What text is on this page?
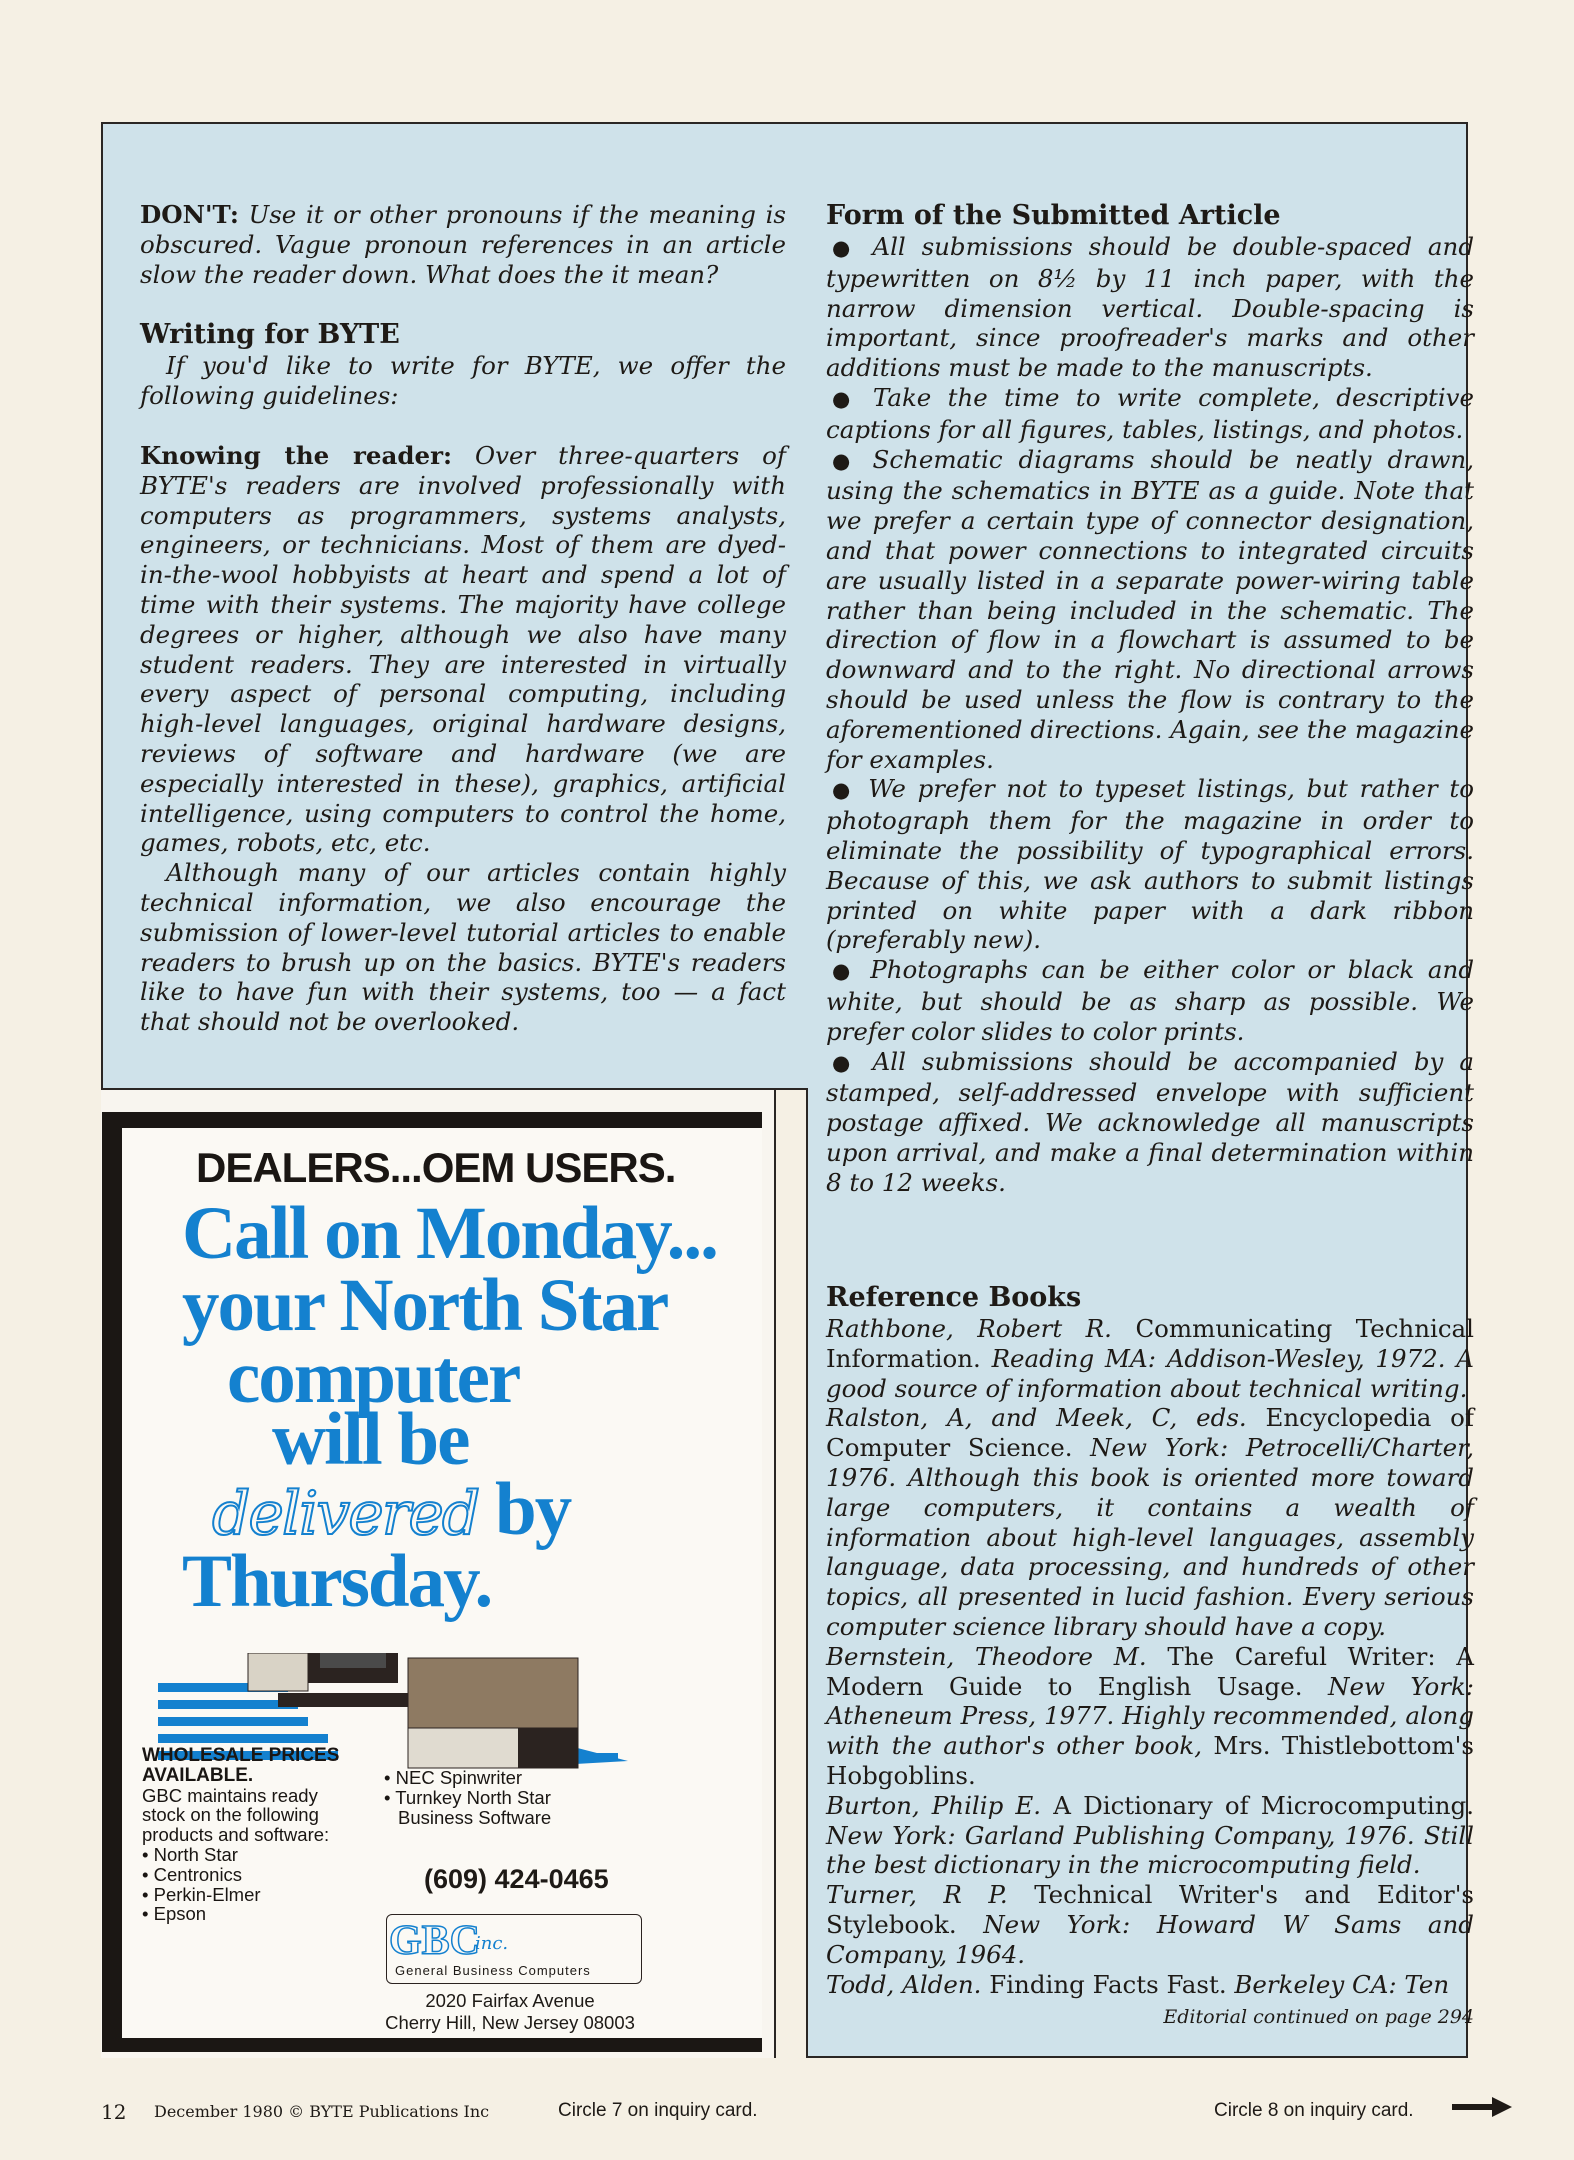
DON'T: Use it or other pronouns if the meaning is obscured. Vague pronoun references in an article slow the reader down. What does the it mean?

Writing for BYTE

If you'd like to write for BYTE, we offer the following guidelines:

Knowing the reader: Over three-quarters of BYTE's readers are involved professionally with computers as programmers, systems analysts, engineers, or technicians. Most of them are dyed-in-the-wool hobbyists at heart and spend a lot of time with their systems. The majority have college degrees or higher, although we also have many student readers. They are interested in virtually every aspect of personal computing, including high-level languages, original hardware designs, reviews of software and hardware (we are especially interested in these), graphics, artificial intelligence, using computers to control the home, games, robots, etc, etc.

Although many of our articles contain highly technical information, we also encourage the submission of lower-level tutorial articles to enable readers to brush up on the basics. BYTE's readers like to have fun with their systems, too — a fact that should not be overlooked.

Form of the Submitted Article

● All submissions should be double-spaced and typewritten on 8½ by 11 inch paper, with the narrow dimension vertical. Double-spacing is important, since proofreader's marks and other additions must be made to the manuscripts.

● Take the time to write complete, descriptive captions for all figures, tables, listings, and photos.

● Schematic diagrams should be neatly drawn, using the schematics in BYTE as a guide. Note that we prefer a certain type of connector designation, and that power connections to integrated circuits are usually listed in a separate power-wiring table rather than being included in the schematic. The direction of flow in a flowchart is assumed to be downward and to the right. No directional arrows should be used unless the flow is contrary to the aforementioned directions. Again, see the magazine for examples.

● We prefer not to typeset listings, but rather to photograph them for the magazine in order to eliminate the possibility of typographical errors. Because of this, we ask authors to submit listings printed on white paper with a dark ribbon (preferably new).

● Photographs can be either color or black and white, but should be as sharp as possible. We prefer color slides to color prints.

● All submissions should be accompanied by a stamped, self-addressed envelope with sufficient postage affixed. We acknowledge all manuscripts upon arrival, and make a final determination within 8 to 12 weeks.

Reference Books

Rathbone, Robert R. Communicating Technical Information. Reading MA: Addison-Wesley, 1972. A good source of information about technical writing.

Ralston, A, and Meek, C, eds. Encyclopedia of Computer Science. New York: Petrocelli/Charter, 1976. Although this book is oriented more toward large computers, it contains a wealth of information about high-level languages, assembly language, data processing, and hundreds of other topics, all presented in lucid fashion. Every serious computer science library should have a copy.

Bernstein, Theodore M. The Careful Writer: A Modern Guide to English Usage. New York: Atheneum Press, 1977. Highly recommended, along with the author's other book, Mrs. Thistlebottom's Hobgoblins.

Burton, Philip E. A Dictionary of Microcomputing. New York: Garland Publishing Company, 1976. Still the best dictionary in the microcomputing field.

Turner, R P. Technical Writer's and Editor's Stylebook. New York: Howard W Sams and Company, 1964.

Todd, Alden. Finding Facts Fast. Berkeley CA: Ten

Editorial continued on page 294
DEALERS...OEM USERS.
Call on Monday...
your North Star
computer
will be
delivered by
Thursday.
WHOLESALE PRICES AVAILABLE.
GBC maintains ready stock on the following products and software:
• North Star
• Centronics
• Perkin-Elmer
• Epson
• NEC Spinwriter
• Turnkey North Star Business Software
(609) 424-0465
GBC
inc.
General Business Computers
2020 Fairfax Avenue
Cherry Hill, New Jersey 08003
12 December 1980 © BYTE Publications Inc	Circle 7 on inquiry card.	Circle 8 on inquiry card.
